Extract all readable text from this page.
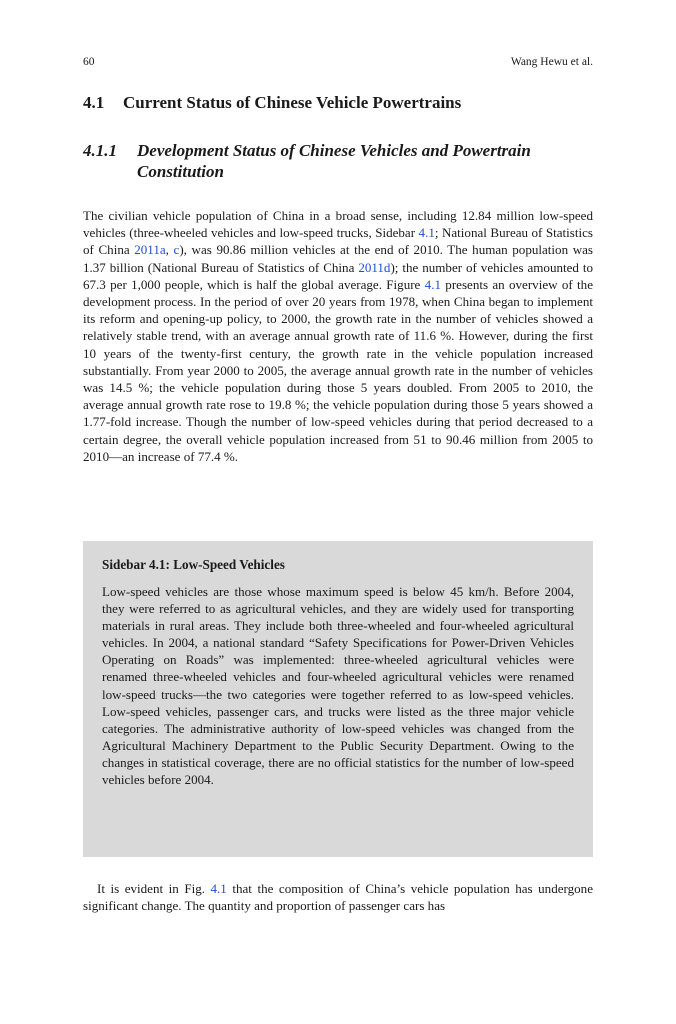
60	Wang Hewu et al.
4.1 Current Status of Chinese Vehicle Powertrains
4.1.1	Development Status of Chinese Vehicles and Powertrain Constitution

The civilian vehicle population of China in a broad sense, including 12.84 million low-speed vehicles (three-wheeled vehicles and low-speed trucks, Sidebar 4.1; National Bureau of Statistics of China 2011a, c), was 90.86 million vehicles at the end of 2010. The human population was 1.37 billion (National Bureau of Statistics of China 2011d); the number of vehicles amounted to 67.3 per 1,000 people, which is half the global average. Figure 4.1 presents an overview of the development process. In the period of over 20 years from 1978, when China began to implement its reform and opening-up policy, to 2000, the growth rate in the number of vehicles showed a relatively stable trend, with an average annual growth rate of 11.6 %. However, during the first 10 years of the twenty-first century, the growth rate in the vehicle population increased substantially. From year 2000 to 2005, the average annual growth rate in the number of vehicles was 14.5 %; the vehicle population during those 5 years doubled. From 2005 to 2010, the average annual growth rate rose to 19.8 %; the vehicle population during those 5 years showed a 1.77-fold increase. Though the number of low-speed vehicles during that period decreased to a certain degree, the overall vehicle population increased from 51 to 90.46 million from 2005 to 2010—an increase of 77.4 %.

Sidebar 4.1: Low-Speed Vehicles

Low-speed vehicles are those whose maximum speed is below 45 km/h. Before 2004, they were referred to as agricultural vehicles, and they are widely used for transporting materials in rural areas. They include both three-wheeled and four-wheeled agricultural vehicles. In 2004, a national standard “Safety Specifications for Power-Driven Vehicles Operating on Roads” was implemented: three-wheeled agricultural vehicles were renamed three-wheeled vehicles and four-wheeled agricultural vehicles were renamed low-speed trucks—the two categories were together referred to as low-speed vehicles. Low-speed vehicles, passenger cars, and trucks were listed as the three major vehicle categories. The administrative authority of low-speed vehicles was changed from the Agricultural Machinery Department to the Public Security Department. Owing to the changes in statistical coverage, there are no official statistics for the number of low-speed vehicles before 2004.

It is evident in Fig. 4.1 that the composition of China’s vehicle population has undergone significant change. The quantity and proportion of passenger cars has
